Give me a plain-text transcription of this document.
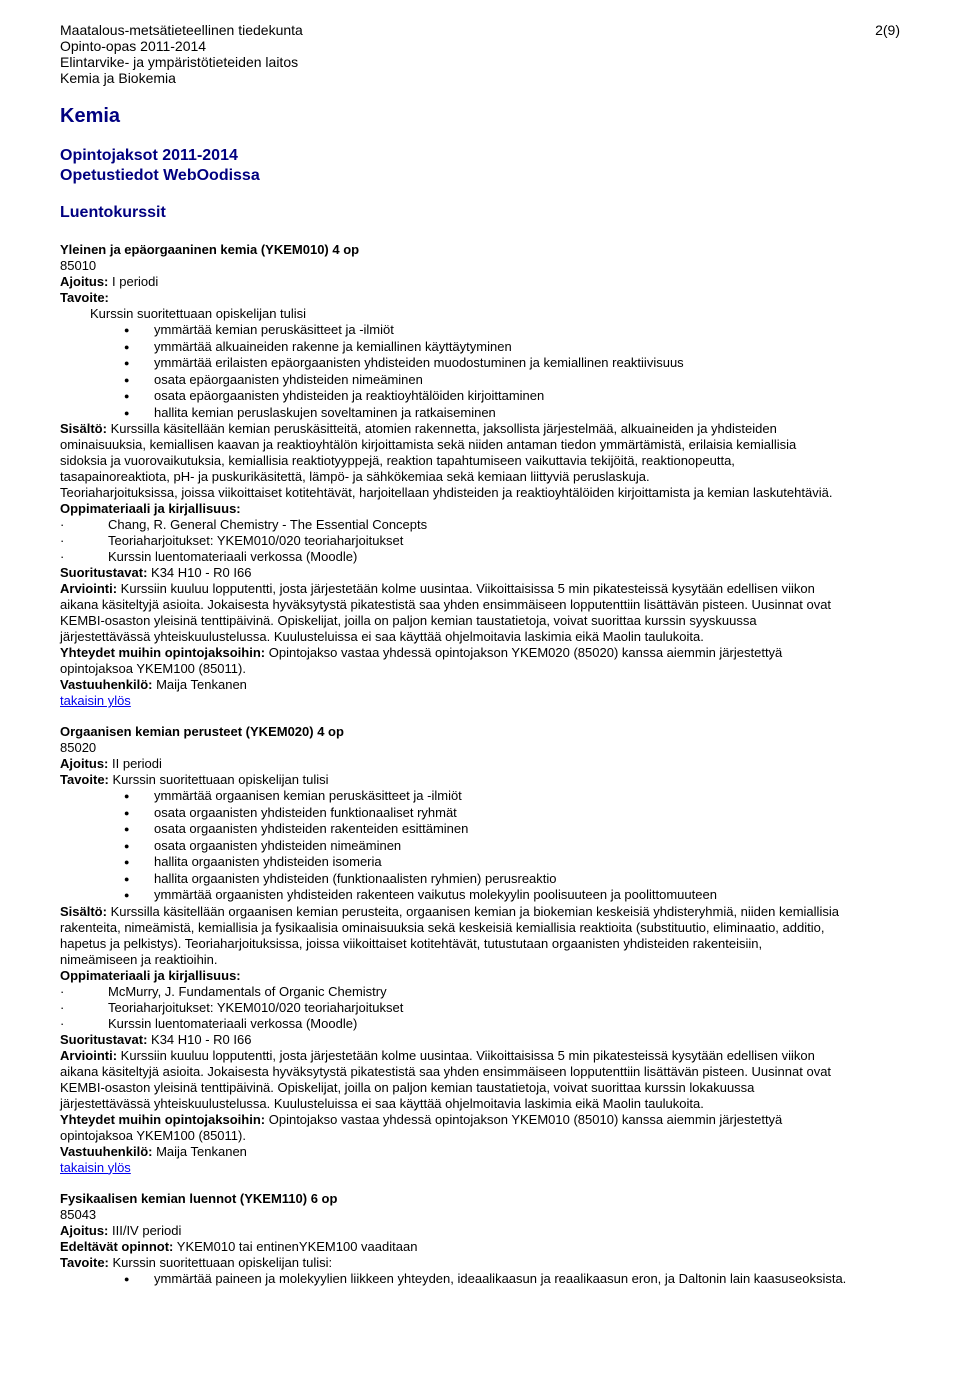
2(9)
Maatalous-metsätieteellinen tiedekunta
Opinto-opas 2011-2014
Elintarvike- ja ympäristötieteiden laitos
Kemia ja Biokemia
Kemia
Opintojaksot 2011-2014
Opetustiedot WebOodissa
Luentokurssit
Yleinen ja epäorgaaninen kemia (YKEM010) 4 op
85010
Ajoitus: I periodi
Tavoite:
Kurssin suoritettuaan opiskelijan tulisi
● ymmärtää kemian peruskäsitteet ja -ilmiöt
● ymmärtää alkuaineiden rakenne ja kemiallinen käyttäytyminen
● ymmärtää erilaisten epäorgaanisten yhdisteiden muodostuminen ja kemiallinen reaktiivisuus
● osata epäorgaanisten yhdisteiden nimeäminen
● osata epäorgaanisten yhdisteiden ja reaktioyhtälöiden kirjoittaminen
● hallita kemian peruslaskujen soveltaminen ja ratkaiseminen
Sisältö: Kurssilla käsitellään kemian peruskäsitteitä, atomien rakennetta, jaksollista järjestelmää, alkuaineiden ja yhdisteiden
ominaisuuksia, kemiallisen kaavan ja reaktioyhtälön kirjoittamista sekä niiden antaman tiedon ymmärtämistä, erilaisia kemiallisia
sidoksia ja vuorovaikutuksia, kemiallisia reaktiotyyppejä, reaktion tapahtumiseen vaikuttavia tekijöitä, reaktionopeutta,
tasapainoreaktiota, pH- ja puskurikäsitettä, lämpö- ja sähkökemiaa sekä kemiaan liittyviä peruslaskuja.
Teoriaharjoituksissa, joissa viikoittaiset kotitehtävät, harjoitellaan yhdisteiden ja reaktioyhtälöiden kirjoittamista ja kemian laskutehtäviä.
Oppimateriaali ja kirjallisuus:
·	Chang, R. General Chemistry - The Essential Concepts
·	Teoriaharjoitukset: YKEM010/020 teoriaharjoitukset
·	Kurssin luentomateriaali verkossa (Moodle)
Suoritustavat: K34 H10 - R0 I66
Arviointi: Kurssiin kuuluu lopputentti, josta järjestetään kolme uusintaa. Viikoittaisissa 5 min pikatesteissä kysytään edellisen viikon
aikana käsiteltyjä asioita. Jokaisesta hyväksytystä pikatestistä saa yhden ensimmäiseen lopputenttiin lisättävän pisteen. Uusinnat ovat
KEMBI-osaston yleisinä tenttipäivinä. Opiskelijat, joilla on paljon kemian taustatietoja, voivat suorittaa kurssin syyskuussa
järjestettävässä yhteiskuulustelussa. Kuulusteluissa ei saa käyttää ohjelmoitavia laskimia eikä Maolin taulukoita.
Yhteydet muihin opintojaksoihin: Opintojakso vastaa yhdessä opintojakson YKEM020 (85020) kanssa aiemmin järjestettyä
opintojaksoa YKEM100 (85011).
Vastuuhenkilö: Maija Tenkanen
takaisin ylös
Orgaanisen kemian perusteet (YKEM020) 4 op
85020
Ajoitus: II periodi
Tavoite: Kurssin suoritettuaan opiskelijan tulisi
● ymmärtää orgaanisen kemian peruskäsitteet ja -ilmiöt
● osata orgaanisten yhdisteiden funktionaaliset ryhmät
● osata orgaanisten yhdisteiden rakenteiden esittäminen
● osata orgaanisten yhdisteiden nimeäminen
● hallita orgaanisten yhdisteiden isomeria
● hallita orgaanisten yhdisteiden (funktionaalisten ryhmien) perusreaktio
● ymmärtää orgaanisten yhdisteiden rakenteen vaikutus molekyylin poolisuuteen ja poolittomuuteen
Sisältö: Kurssilla käsitellään orgaanisen kemian perusteita, orgaanisen kemian ja biokemian keskeisiä yhdisteryhmiä, niiden kemiallisia
rakenteita, nimeämistä, kemiallisia ja fysikaalisia ominaisuuksia sekä keskeisiä kemiallisia reaktioita (substituutio, eliminaatio, additio,
hapetus ja pelkistys). Teoriaharjoituksissa, joissa viikoittaiset kotitehtävät, tutustutaan orgaanisten yhdisteiden rakenteisiin,
nimeämiseen ja reaktioihin.
Oppimateriaali ja kirjallisuus:
·	McMurry, J. Fundamentals of Organic Chemistry
·	Teoriaharjoitukset: YKEM010/020 teoriaharjoitukset
·	Kurssin luentomateriaali verkossa (Moodle)
Suoritustavat: K34 H10 - R0 I66
Arviointi: Kurssiin kuuluu lopputentti, josta järjestetään kolme uusintaa. Viikoittaisissa 5 min pikatesteissä kysytään edellisen viikon
aikana käsiteltyjä asioita. Jokaisesta hyväksytystä pikatestistä saa yhden ensimmäiseen lopputenttiin lisättävän pisteen. Uusinnat ovat
KEMBI-osaston yleisinä tenttipäivinä. Opiskelijat, joilla on paljon kemian taustatietoja, voivat suorittaa kurssin lokakuussa
järjestettävässä yhteiskuulustelussa. Kuulusteluissa ei saa käyttää ohjelmoitavia laskimia eikä Maolin taulukoita.
Yhteydet muihin opintojaksoihin: Opintojakso vastaa yhdessä opintojakson YKEM010 (85010) kanssa aiemmin järjestettyä
opintojaksoa YKEM100 (85011).
Vastuuhenkilö: Maija Tenkanen
takaisin ylös
Fysikaalisen kemian luennot (YKEM110) 6 op
85043
Ajoitus: III/IV periodi
Edeltävät opinnot: YKEM010 tai entinenYKEM100 vaaditaan
Tavoite: Kurssin suoritettuaan opiskelijan tulisi:
● ymmärtää paineen ja molekyylien liikkeen yhteyden, ideaalikaasun ja reaalikaasun eron, ja Daltonin lain kaasuseoksista.
